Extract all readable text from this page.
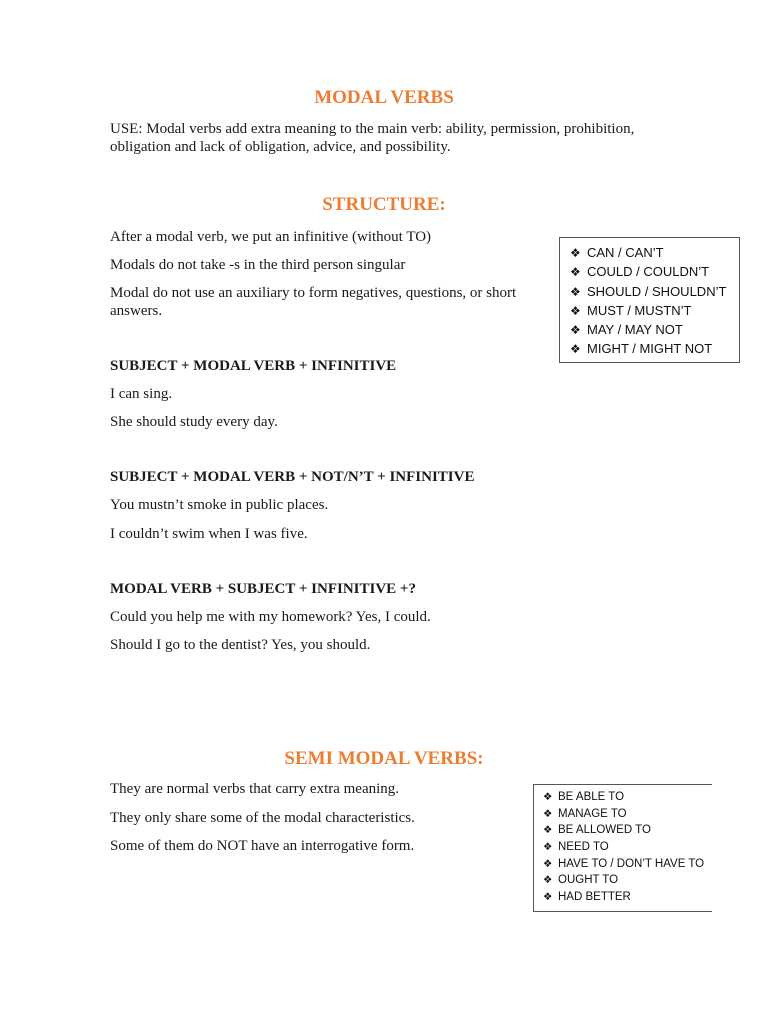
MODAL VERBS

USE: Modal verbs add extra meaning to the main verb: ability, permission, prohibition, obligation and lack of obligation, advice, and possibility.

STRUCTURE:

After a modal verb, we put an infinitive (without TO)

Modals do not take -s in the third person singular

Modal do not use an auxiliary to form negatives, questions, or short answers.

SUBJECT + MODAL VERB + INFINITIVE

I can sing.

She should study every day.

SUBJECT + MODAL VERB + NOT/N’T + INFINITIVE

You mustn’t smoke in public places.

I couldn’t swim when I was five.

MODAL VERB + SUBJECT + INFINITIVE +?

Could you help me with my homework? Yes, I could.

Should I go to the dentist? Yes, you should.

❖ CAN / CAN’T
❖ COULD / COULDN’T
❖ SHOULD / SHOULDN’T
❖ MUST / MUSTN’T
❖ MAY / MAY NOT
❖ MIGHT / MIGHT NOT
SEMI MODAL VERBS:

They are normal verbs that carry extra meaning.

They only share some of the modal characteristics.

Some of them do NOT have an interrogative form.

❖ BE ABLE TO
❖ MANAGE TO
❖ BE ALLOWED TO
❖ NEED TO
❖ HAVE TO / DON’T HAVE TO
❖ OUGHT TO
❖ HAD BETTER
